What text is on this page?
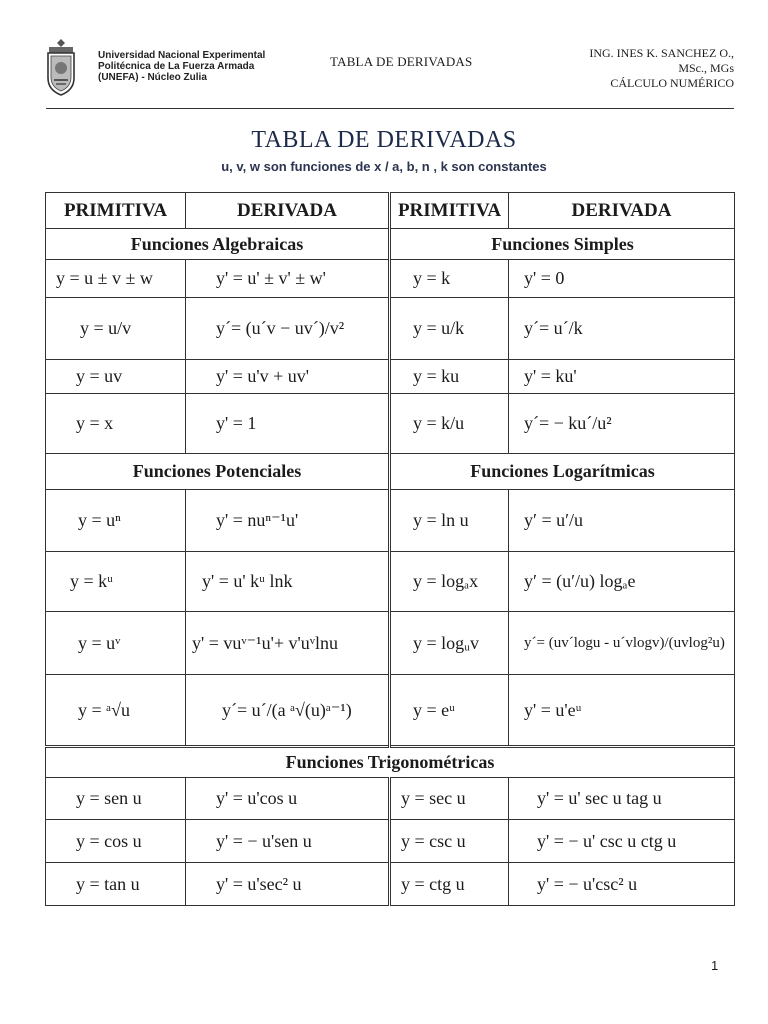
Universidad Nacional Experimental
Politécnica de La Fuerza Armada
(UNEFA) - Núcleo Zulia
TABLA DE DERIVADAS
ING. INES K. SANCHEZ O.,
MSc., MGs
CÁLCULO NUMÉRICO
TABLA DE DERIVADAS
u, v, w son funciones de x / a, b, n , k son constantes
PRIMITIVA	DERIVADA	PRIMITIVA	DERIVADA
Funciones Algebraicas		Funciones Simples	
y = u ± v ± w	y' = u' ± v' ± w'	y = k	y' = 0
y = u/v	y´= (u´v − uv´)/v²	y = u/k	y´= u´/k
y = uv	y' = u'v + uv'	y = ku	y' = ku'
y = x	y' = 1	y = k/u	y´= − ku´/u²
Funciones Potenciales		Funciones Logarítmicas	
y = uⁿ	y' = nuⁿ⁻¹u'	y = ln u	y′ = u′/u
y = kᵘ	y' = u' kᵘ lnk	y = logₐx	y′ = (u′/u) logₐe
y = uᵛ	y' = vuᵛ⁻¹u'+ v'uᵛlnu	y = logᵤv	y´= (uv´logu - u´vlogv)/(uvlog²u)
y = ᵃ√u	y´= u´/(a ᵃ√(u)ᵃ⁻¹)	y = eᵘ	y' = u'eᵘ
Funciones Trigonométricas			
y = sen u	y' = u'cos u	y = sec u	y' = u' sec u tag u
y = cos u	y' = − u'sen u	y = csc u	y' = − u' csc u ctg u
y = tan u	y' = u'sec² u	y = ctg u	y' = − u'csc² u
1
